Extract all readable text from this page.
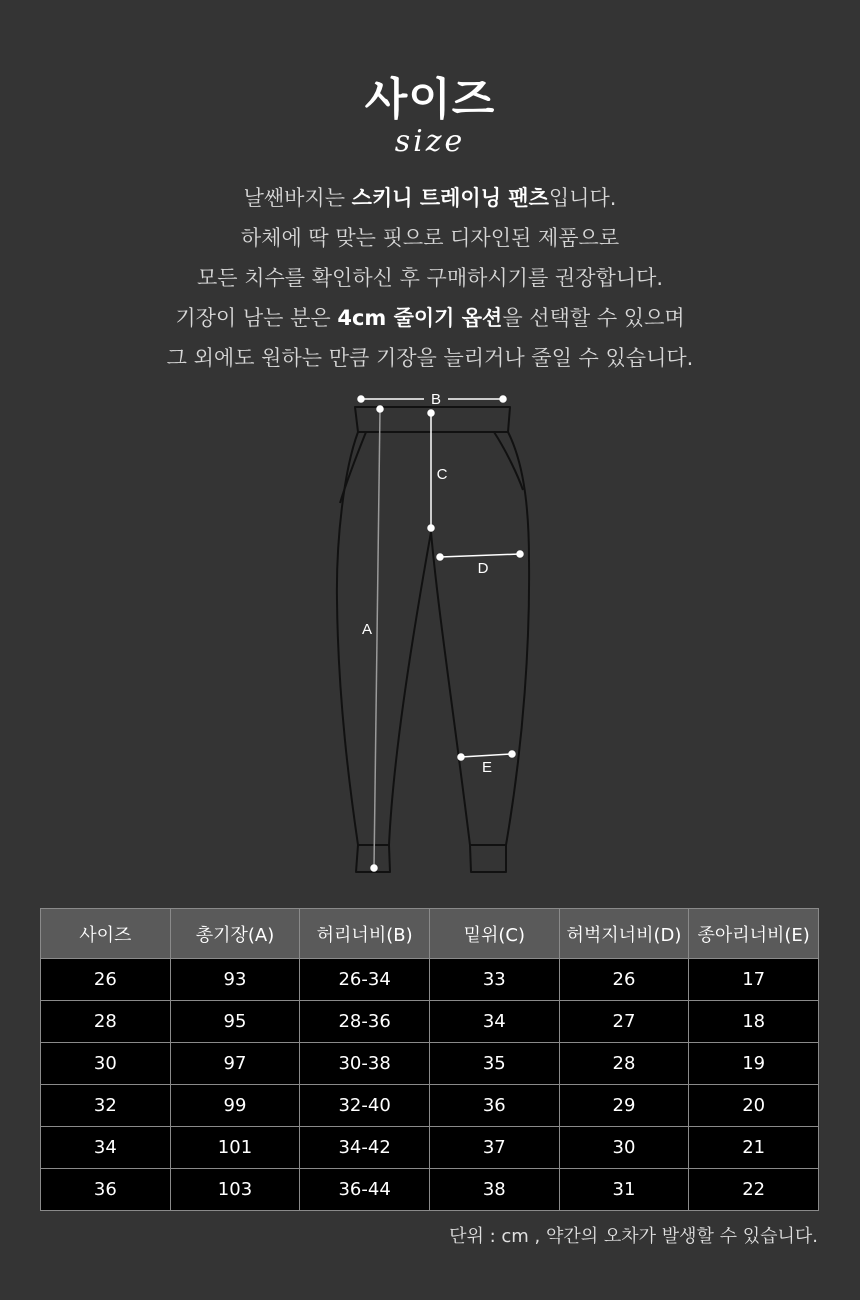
사이즈
size
날쌘바지는 스키니 트레이닝 팬츠입니다.
하체에 딱 맞는 핏으로 디자인된 제품으로
모든 치수를 확인하신 후 구매하시기를 권장합니다.
기장이 남는 분은 4cm 줄이기 옵션을 선택할 수 있으며
그 외에도 원하는 만큼 기장을 늘리거나 줄일 수 있습니다.
B
C
D
A
E
사이즈	총기장(A)	허리너비(B)	밑위(C)	허벅지너비(D)	종아리너비(E)
26	93	26-34	33	26	17
28	95	28-36	34	27	18
30	97	30-38	35	28	19
32	99	32-40	36	29	20
34	101	34-42	37	30	21
36	103	36-44	38	31	22
단위 : cm , 약간의 오차가 발생할 수 있습니다.
